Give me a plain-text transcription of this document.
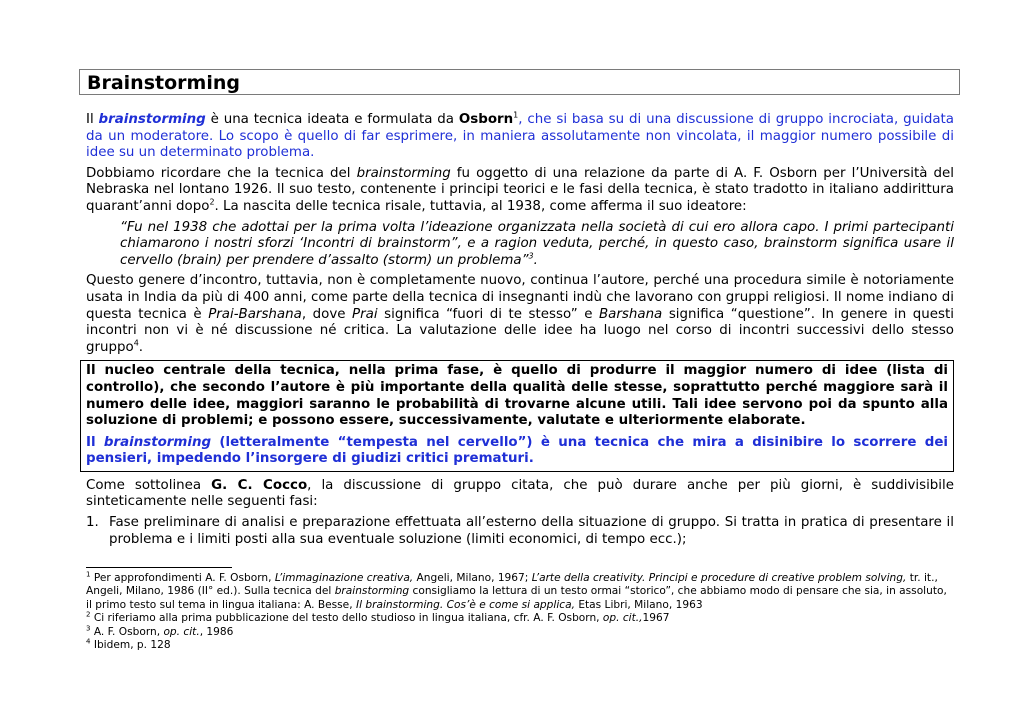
Brainstorming

Il brainstorming è una tecnica ideata e formulata da Osborn$^1$, che si basa su di una discussione di gruppo incrociata, guidata da un moderatore. Lo scopo è quello di far esprimere, in maniera assolutamente non vincolata, il maggior numero possibile di idee su un determinato problema.

Dobbiamo ricordare che la tecnica del brainstorming fu oggetto di una relazione da parte di A. F. Osborn per l’Università del Nebraska nel lontano 1926. Il suo testo, contenente i principi teorici e le fasi della tecnica, è stato tradotto in italiano addirittura quarant’anni dopo$^2$. La nascita delle tecnica risale, tuttavia, al 1938, come afferma il suo ideatore:

“Fu nel 1938 che adottai per la prima volta l’ideazione organizzata nella società di cui ero allora capo. I primi partecipanti chiamarono i nostri sforzi ‘Incontri di brainstorm”, e a ragion veduta, perché, in questo caso, brainstorm significa usare il cervello (brain) per prendere d’assalto (storm) un problema”$^3$.

Questo genere d’incontro, tuttavia, non è completamente nuovo, continua l’autore, perché una procedura simile è notoriamente usata in India da più di 400 anni, come parte della tecnica di insegnanti indù che lavorano con gruppi religiosi. Il nome indiano di questa tecnica è Prai-Barshana, dove Prai significa “fuori di te stesso” e Barshana significa “questione”. In genere in questi incontri non vi è né discussione né critica. La valutazione delle idee ha luogo nel corso di incontri successivi dello stesso gruppo$^4$.

Il nucleo centrale della tecnica, nella prima fase, è quello di produrre il maggior numero di idee (lista di controllo), che secondo l’autore è più importante della qualità delle stesse, soprattutto perché maggiore sarà il numero delle idee, maggiori saranno le probabilità di trovarne alcune utili. Tali idee servono poi da spunto alla soluzione di problemi; e possono essere, successivamente, valutate e ulteriormente elaborate.

Il brainstorming (letteralmente “tempesta nel cervello”) è una tecnica che mira a disinibire lo scorrere dei pensieri, impedendo l’insorgere di giudizi critici prematuri.

Come sottolinea G. C. Cocco, la discussione di gruppo citata, che può durare anche per più giorni, è suddivisibile sinteticamente nelle seguenti fasi:

1. Fase preliminare di analisi e preparazione effettuata all’esterno della situazione di gruppo. Si tratta in pratica di presentare il problema e i limiti posti alla sua eventuale soluzione (limiti economici, di tempo ecc.);

$^1$ Per approfondimenti A. F. Osborn, L’immaginazione creativa, Angeli, Milano, 1967; L’arte della creativity. Principi e procedure di creative problem solving, tr. it., Angeli, Milano, 1986 (II° ed.). Sulla tecnica del brainstorming consigliamo la lettura di un testo ormai “storico”, che abbiamo modo di pensare che sia, in assoluto, il primo testo sul tema in lingua italiana: A. Besse, Il brainstorming. Cos’è e come si applica, Etas Libri, Milano, 1963

$^2$ Ci riferiamo alla prima pubblicazione del testo dello studioso in lingua italiana, cfr. A. F. Osborn, op. cit.,1967

$^3$ A. F. Osborn, op. cit., 1986

$^4$ Ibidem, p. 128
